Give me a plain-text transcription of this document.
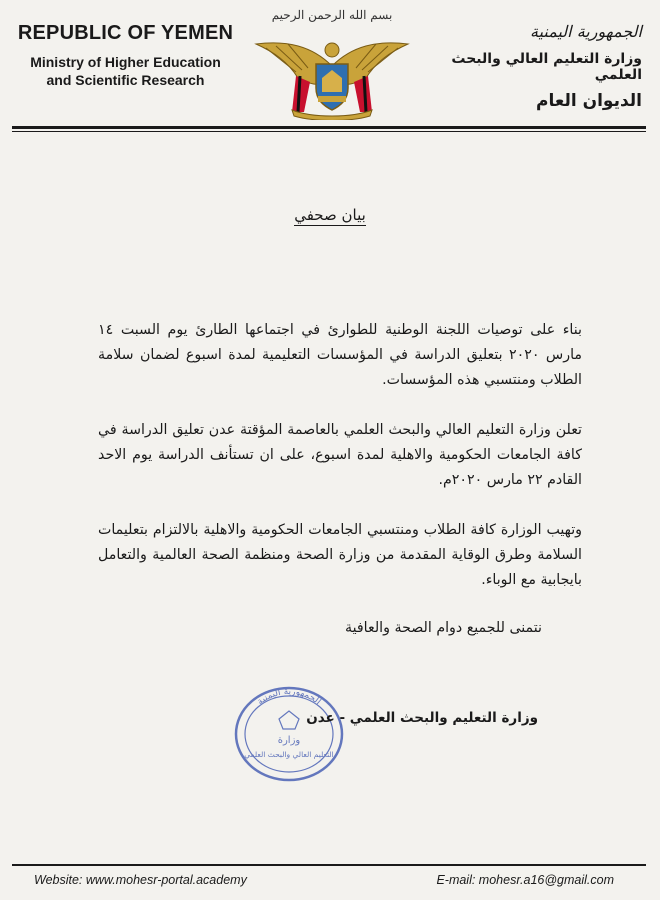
REPUBLIC OF YEMEN
Ministry of Higher Education
and Scientific Research
بسم الله الرحمن الرحيم
الجمهورية اليمنية
وزارة التعليم العالي والبحث العلمي
الديوان العام
بيان صحفي
بناء على توصيات اللجنة الوطنية للطوارئ في اجتماعها الطارئ يوم السبت ١٤ مارس ٢٠٢٠ بتعليق الدراسة في المؤسسات التعليمية لمدة اسبوع لضمان سلامة الطلاب ومنتسبي هذه المؤسسات.
تعلن وزارة التعليم العالي والبحث العلمي بالعاصمة المؤقتة عدن تعليق الدراسة في كافة الجامعات الحكومية والاهلية لمدة اسبوع، على ان تستأنف الدراسة يوم الاحد القادم ٢٢ مارس ٢٠٢٠م.
وتهيب الوزارة كافة الطلاب ومنتسبي الجامعات الحكومية والاهلية بالالتزام بتعليمات السلامة وطرق الوقاية المقدمة من وزارة الصحة ومنظمة الصحة العالمية والتعامل بايجابية مع الوباء.
نتمنى للجميع دوام الصحة والعافية
الجمهورية اليمنية
وزارة
التعليم العالي والبحث العلمي
وزارة التعليم والبحث العلمي - عدن
Website: www.mohesr-portal.academy	E-mail: mohesr.a16@gmail.com
